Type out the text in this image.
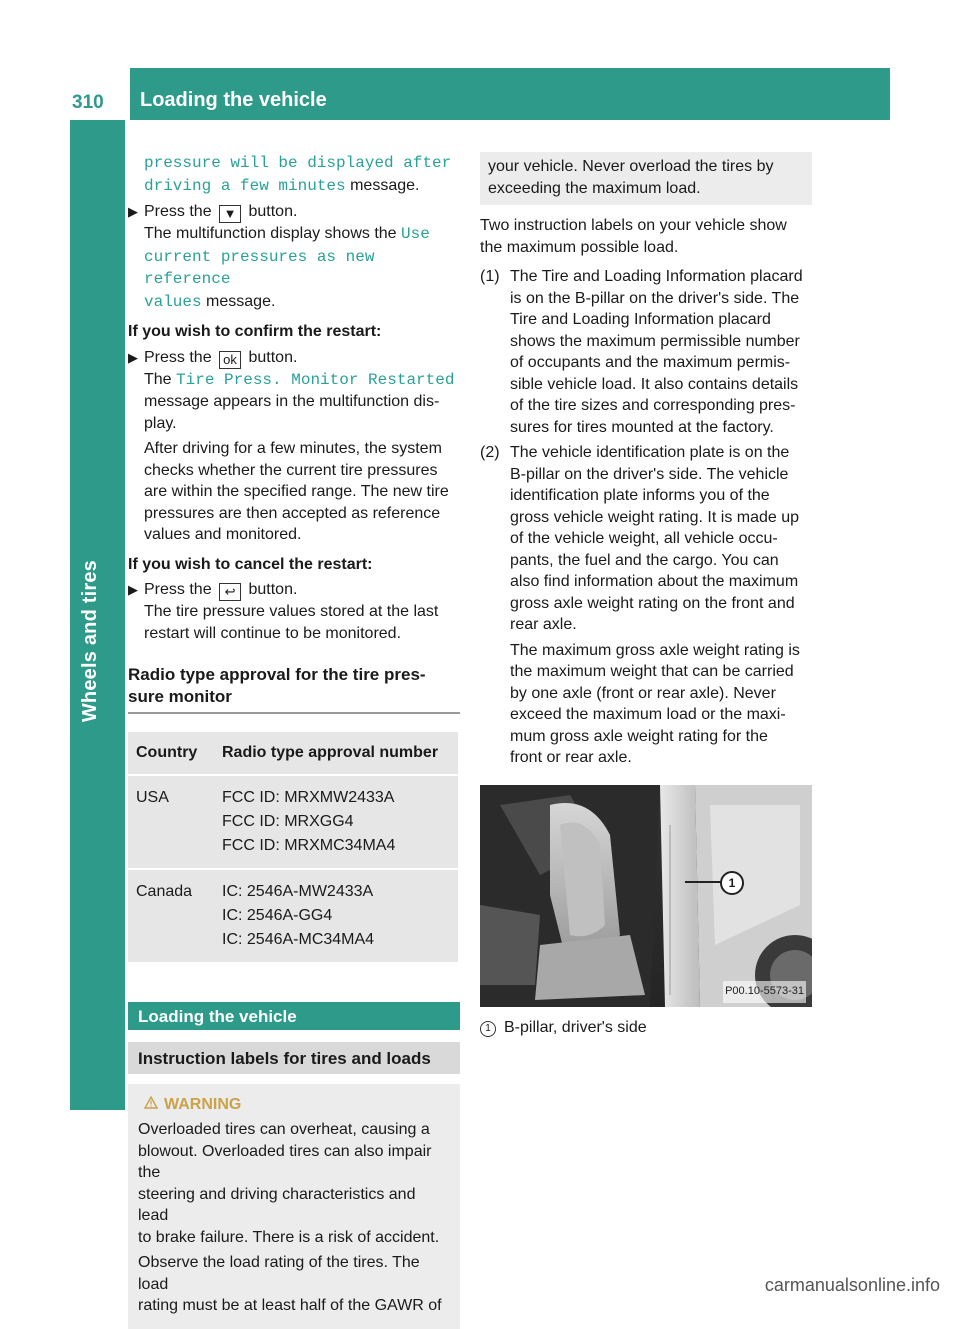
310 Loading the vehicle
Wheels and tires

pressure will be displayed after

driving a few minutes message.

▶ Press the ▼ button.

The multifunction display shows the Use

current pressures as new reference

values message.

If you wish to confirm the restart:

▶ Press the ok button.

The Tire Press. Monitor Restarted

message appears in the multifunction dis-

play.

After driving for a few minutes, the system

checks whether the current tire pressures

are within the specified range. The new tire

pressures are then accepted as reference

values and monitored.

If you wish to cancel the restart:

▶ Press the ↩ button.

The tire pressure values stored at the last

restart will continue to be monitored.

Radio type approval for the tire pres-
sure monitor
Country	Radio type approval number
USA	FCC ID: MRXMW2433A
FCC ID: MRXGG4
FCC ID: MRXMC34MA4

Canada	IC: 2546A-MW2433A
IC: 2546A-GG4
IC: 2546A-MC34MA4
Loading the vehicle
Instruction labels for tires and loads

WARNING

Overloaded tires can overheat, causing a

blowout. Overloaded tires can also impair the

steering and driving characteristics and lead

to brake failure. There is a risk of accident.

Observe the load rating of the tires. The load

rating must be at least half of the GAWR of

your vehicle. Never overload the tires by

exceeding the maximum load.

Two instruction labels on your vehicle show

the maximum possible load.

(1) The Tire and Loading Information placard

is on the B-pillar on the driver's side. The

Tire and Loading Information placard

shows the maximum permissible number

of occupants and the maximum permis-

sible vehicle load. It also contains details

of the tire sizes and corresponding pres-

sures for tires mounted at the factory.

(2) The vehicle identification plate is on the

B-pillar on the driver's side. The vehicle

identification plate informs you of the

gross vehicle weight rating. It is made up

of the vehicle weight, all vehicle occu-

pants, the fuel and the cargo. You can

also find information about the maximum

gross axle weight rating on the front and

rear axle.

The maximum gross axle weight rating is

the maximum weight that can be carried

by one axle (front or rear axle). Never

exceed the maximum load or the maxi-

mum gross axle weight rating for the

front or rear axle.

1
P00.10-5573-31

1 B-pillar, driver's side

carmanualsonline.info
